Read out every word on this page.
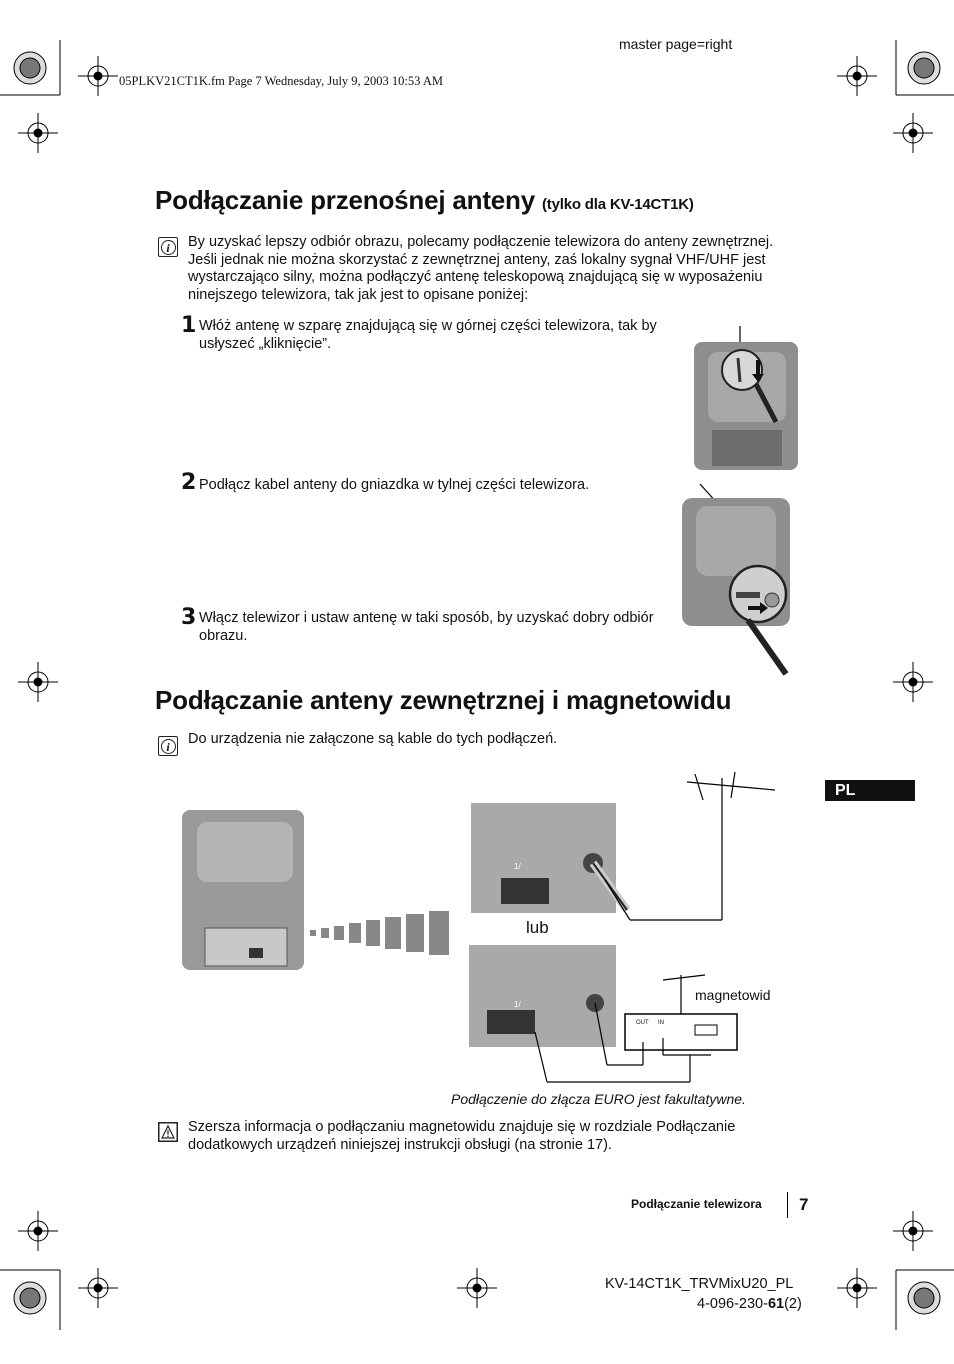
master page=right
05PLKV21CT1K.fm Page 7 Wednesday, July 9, 2003 10:53 AM
Podłączanie przenośnej anteny (tylko dla KV-14CT1K)
i	By uzyskać lepszy odbiór obrazu, polecamy podłączenie telewizora do anteny zewnętrznej. Jeśli jednak nie można skorzystać z zewnętrznej anteny, zaś lokalny sygnał VHF/UHF jest wystarczająco silny, można podłączyć antenę teleskopową znajdującą się w wyposażeniu ninejszego telewizora, tak jak jest to opisane poniżej:
1 Włóż antenę w szparę znajdującą się w górnej części telewizora, tak by usłyszeć „kliknięcie”.
2 Podłącz kabel anteny do gniazdka w tylnej części telewizora.
3 Włącz telewizor i ustaw antenę w taki sposób, by uzyskać dobry odbiór obrazu.
Podłączanie anteny zewnętrznej i magnetowidu
i	Do urządzenia nie załączone są kable do tych podłączeń.
PL
lub
magnetowid
OUT IN
1/
1/
Podłączenie do złącza EURO jest fakultatywne.
Szersza informacja o podłączaniu magnetowidu znajduje się w rozdziale Podłączanie dodatkowych urządzeń niniejszej instrukcji obsługi (na stronie 17).
Podłączanie telewizora 7
KV-14CT1K_TRVMixU20_PL
4-096-230-61(2)
